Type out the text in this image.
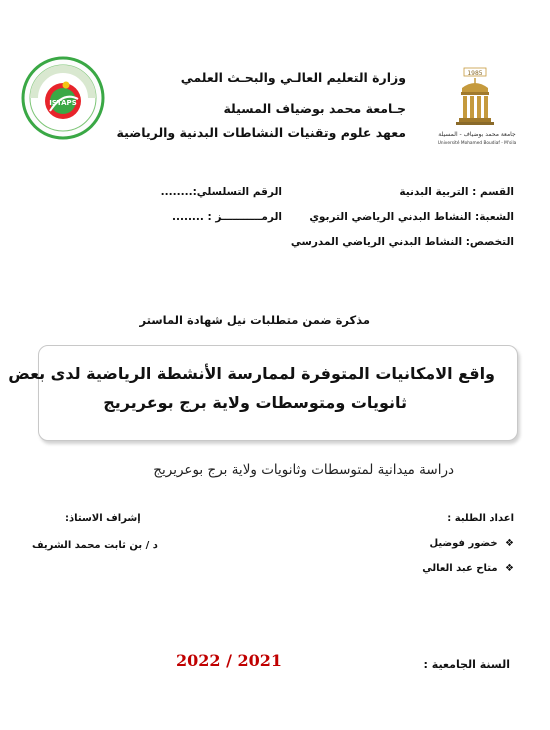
1985
جامعة محمد بوضياف - المسيلة
Université Mohamed Boudiaf - M'sila
ISTAPS
وزارة التعليم العالـي والبحـث العلمي
جـامعة محمد بوضياف المسيلة
معهد علوم وتقنيات النشاطات البدنية والرياضية
القسم : التربية البدنية
الشعبة: النشاط البدني الرياضي التربوي
التخصص: النشاط البدني الرياضي المدرسي
الرقم التسلسلي:........
الرمـــــــــــز : ........
مذكرة ضمن متطلبات نيل شهادة الماستر
واقع الامكانيات المتوفرة لممارسة الأنشطة الرياضية لدى بعض
ثانويات ومتوسطات ولاية برج بوعريريج
دراسة ميدانية لمتوسطات وثانويات ولاية برج بوعريريج
اعداد الطلبة :
❖ خضور فوضيل
❖ متاح عبد العالي
إشراف الاستاذ:
د / بن ثابت محمد الشريف
السنة الجامعية :
2022 / 2021
